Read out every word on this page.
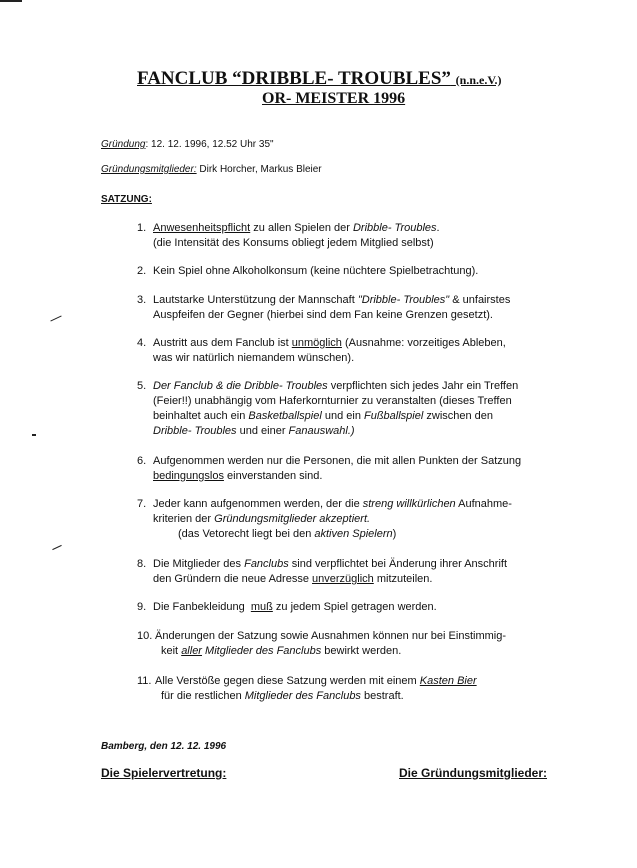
FANCLUB “DRIBBLE- TROUBLES” (n.n.e.V.)
OR- MEISTER 1996
Gründung: 12. 12. 1996, 12.52 Uhr 35"
Gründungsmitglieder: Dirk Horcher, Markus Bleier
SATZUNG:
1. Anwesenheitspflicht zu allen Spielen der Dribble- Troubles.
(die Intensität des Konsums obliegt jedem Mitglied selbst)
2. Kein Spiel ohne Alkoholkonsum (keine nüchtere Spielbetrachtung).
3. Lautstarke Unterstützung der Mannschaft "Dribble- Troubles" & unfairstes
Auspfeifen der Gegner (hierbei sind dem Fan keine Grenzen gesetzt).
4. Austritt aus dem Fanclub ist unmöglich (Ausnahme: vorzeitiges Ableben,
was wir natürlich niemandem wünschen).
5. Der Fanclub & die Dribble- Troubles verpflichten sich jedes Jahr ein Treffen
(Feier!!) unabhängig vom Haferkornturnier zu veranstalten (dieses Treffen
beinhaltet auch ein Basketballspiel und ein Fußballspiel zwischen den
Dribble- Troubles und einer Fanauswahl.)
6. Aufgenommen werden nur die Personen, die mit allen Punkten der Satzung
bedingungslos einverstanden sind.
7. Jeder kann aufgenommen werden, der die streng willkürlichen Aufnahme-
kriterien der Gründungsmitglieder akzeptiert.
(das Vetorecht liegt bei den aktiven Spielern)
8. Die Mitglieder des Fanclubs sind verpflichtet bei Änderung ihrer Anschrift
den Gründern die neue Adresse unverzüglich mitzuteilen.
9. Die Fanbekleidung  muß zu jedem Spiel getragen werden.
10. Änderungen der Satzung sowie Ausnahmen können nur bei Einstimmig-
keit aller Mitglieder des Fanclubs bewirkt werden.
11. Alle Verstöße gegen diese Satzung werden mit einem Kasten Bier
für die restlichen Mitglieder des Fanclubs bestraft.
Bamberg, den 12. 12. 1996
Die Spielervertretung:	Die Gründungsmitglieder:
